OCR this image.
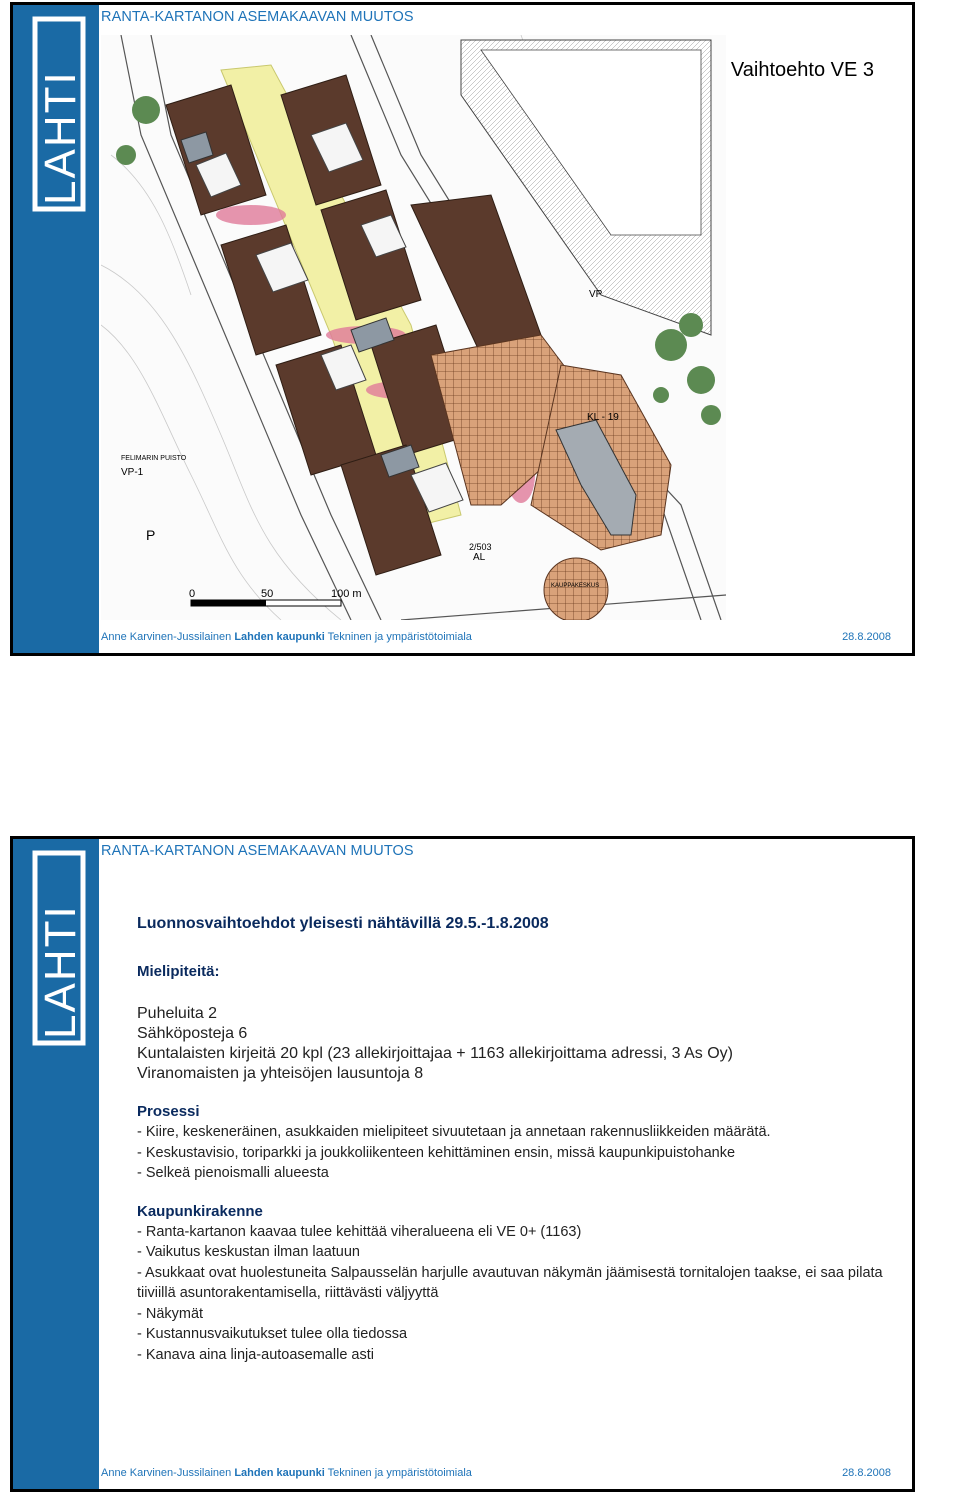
LAHTI
RANTA-KARTANON ASEMAKAAVAN MUUTOS
Vaihtoehto VE 3
VP
KL - 19
VP-1
FELIMARIN PUISTO
P
AL
2/503
KAUPPAKESKUS
0	50	100 m
Anne Karvinen-Jussilainen Lahden kaupunki Tekninen ja ympäristötoimiala	28.8.2008
LAHTI
RANTA-KARTANON ASEMAKAAVAN MUUTOS
Luonnosvaihtoehdot yleisesti nähtävillä 29.5.-1.8.2008
Mielipiteitä:
Puheluita 2
Sähköposteja 6
Kuntalaisten kirjeitä 20 kpl (23 allekirjoittajaa + 1163 allekirjoittama adressi, 3 As Oy)
Viranomaisten ja yhteisöjen lausuntoja 8
Prosessi

- Kiire, keskeneräinen, asukkaiden mielipiteet sivuutetaan ja annetaan rakennusliikkeiden määrätä.

- Keskustavisio, toriparkki ja joukkoliikenteen kehittäminen ensin, missä kaupunkipuistohanke

- Selkeä pienoismalli alueesta

Kaupunkirakenne

- Ranta-kartanon kaavaa tulee kehittää viheralueena eli VE 0+ (1163)

- Vaikutus keskustan ilman laatuun

- Asukkaat ovat huolestuneita Salpausselän harjulle avautuvan näkymän jäämisestä tornitalojen taakse, ei saa pilata tiiviillä asuntorakentamisella, riittävästi väljyyttä

- Näkymät

- Kustannusvaikutukset tulee olla tiedossa

- Kanava aina linja-autoasemalle asti

Anne Karvinen-Jussilainen Lahden kaupunki Tekninen ja ympäristötoimiala	28.8.2008
